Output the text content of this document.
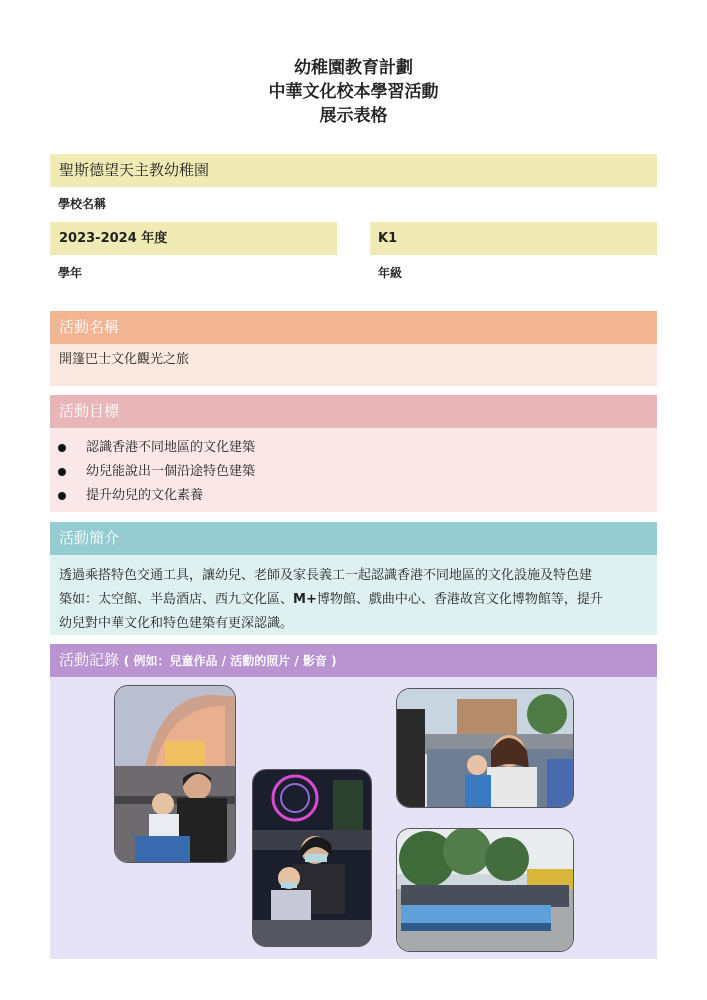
幼稚園教育計劃
中華文化校本學習活動
展示表格
聖斯德望天主教幼稚園
學校名稱
2023-2024 年度
學年
K1
年級
活動名稱
開篷巴士文化觀光之旅
活動目標
認識香港不同地區的文化建築
幼兒能說出一個沿途特色建築
提升幼兒的文化素養
活動簡介
透過乘搭特色交通工具，讓幼兒、老師及家長義工一起認識香港不同地區的文化設施及特色建
築如：太空館、半島酒店、西九文化區、M+博物館、戲曲中心、香港故宮文化博物館等，提升
幼兒對中華文化和特色建築有更深認識。
活動記錄 ( 例如：兒童作品 / 活動的照片 / 影音 )
